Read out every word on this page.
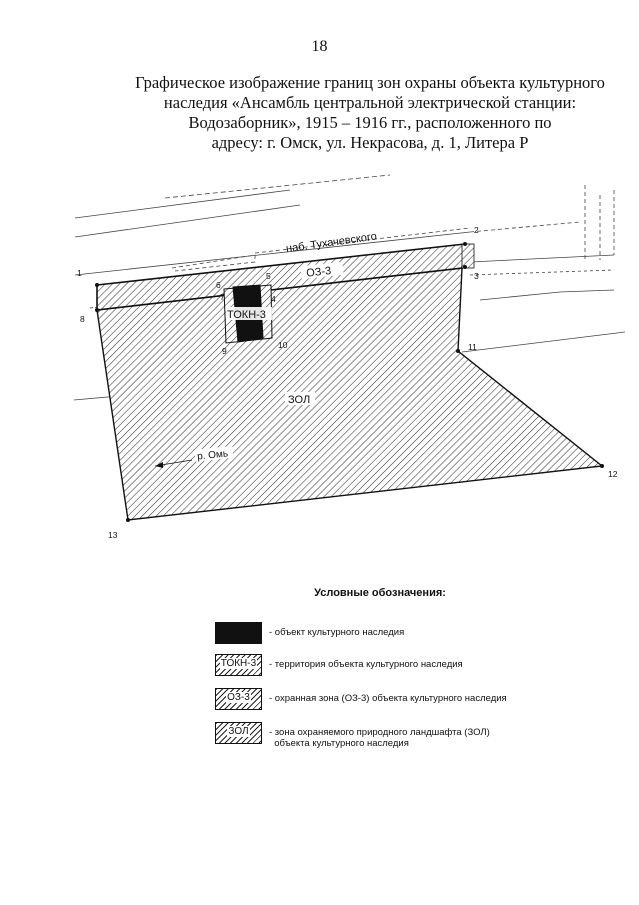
18
Графическое изображение границ зон охраны объекта культурного
наследия «Ансамбль центральной электрической станции:
Водозаборник», 1915 – 1916 гг., расположенного по
адресу: г. Омск, ул. Некрасова, д. 1, Литера Р
наб. Тухачевского
ОЗ-3
ТОКН-3
ЗОЛ
р. Омь
1
2
3
4
5
6
7
8
9
10	11
12
13
Условные обозначения:
- объект культурного наследия
ТОКН-3	- территория объекта культурного наследия
ОЗ-3	- охранная зона (ОЗ-3) объекта культурного наследия
ЗОЛ	- зона охраняемого природного ландшафта (ЗОЛ)
объекта культурного наследия
